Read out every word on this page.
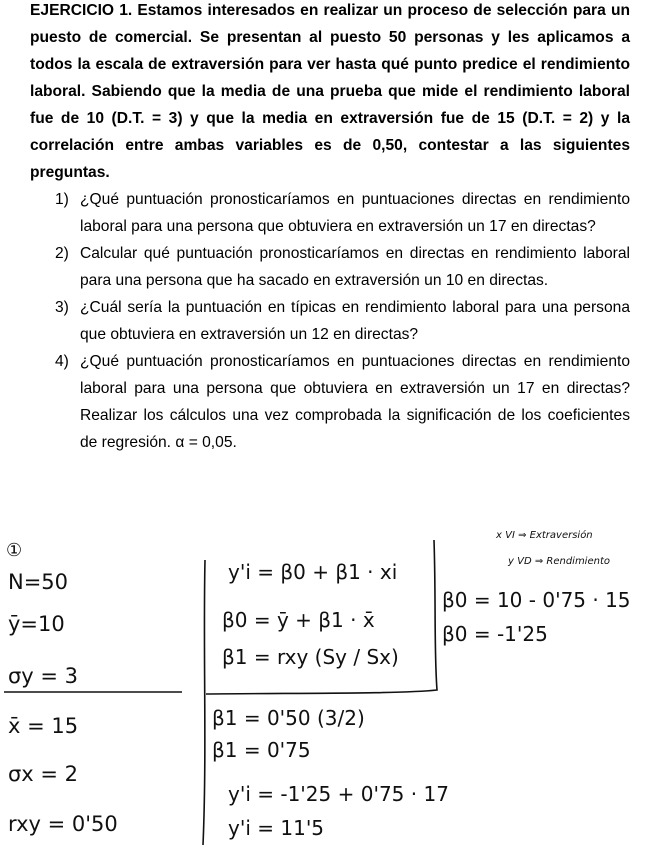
EJERCICIO 1. Estamos interesados en realizar un proceso de selección para un puesto de comercial. Se presentan al puesto 50 personas y les aplicamos a todos la escala de extraversión para ver hasta qué punto predice el rendimiento laboral. Sabiendo que la media de una prueba que mide el rendimiento laboral fue de 10 (D.T. = 3) y que la media en extraversión fue de 15 (D.T. = 2) y la correlación entre ambas variables es de 0,50, contestar a las siguientes preguntas.

1) ¿Qué puntuación pronosticaríamos en puntuaciones directas en rendimiento laboral para una persona que obtuviera en extraversión un 17 en directas?
2) Calcular qué puntuación pronosticaríamos en directas en rendimiento laboral para una persona que ha sacado en extraversión un 10 en directas.
3) ¿Cuál sería la puntuación en típicas en rendimiento laboral para una persona que obtuviera en extraversión un 12 en directas?
4) ¿Qué puntuación pronosticaríamos en puntuaciones directas en rendimiento laboral para una persona que obtuviera en extraversión un 17 en directas? Realizar los cálculos una vez comprobada la significación de los coeficientes de regresión. α = 0,05.
①
N=50
ȳ=10
σy = 3
x̄ = 15
σx = 2
rxy = 0'50
y'i = β0 + β1 · xi
β0 = ȳ + β1 · x̄
β1 = rxy (Sy / Sx)
β1 = 0'50 (3/2)
β1 = 0'75
y'i = -1'25 + 0'75 · 17
y'i = 11'5
β0 = 10 - 0'75 · 15
β0 = -1'25
x VI ⇒ Extraversión
y VD ⇒ Rendimiento
